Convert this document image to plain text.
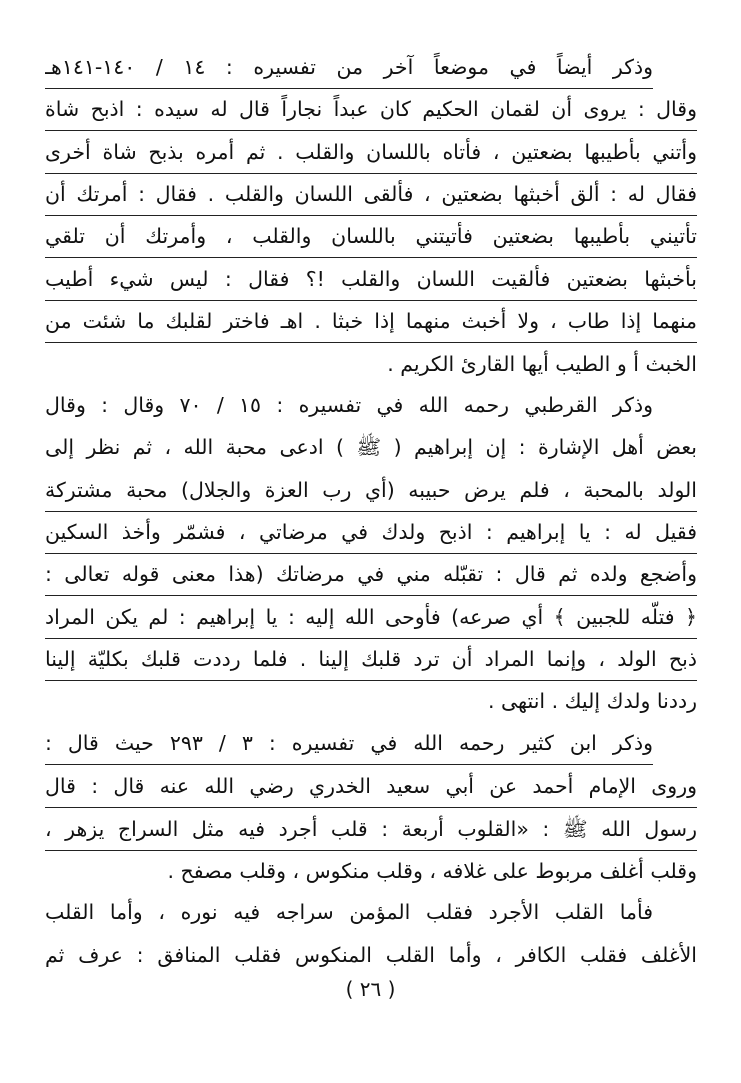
وذكر أيضاً في موضعاً آخر من تفسيره : ١٤ / ١٤٠-١٤١هـ
وقال : يروى أن لقمان الحكيم كان عبداً نجاراً قال له سيده : اذبح شاة
وأتني بأطيبها بضعتين ، فأتاه باللسان والقلب . ثم أمره بذبح شاة أخرى
فقال له : ألق أخبثها بضعتين ، فألقى اللسان والقلب . فقال : أمرتك أن
تأتيني بأطيبها بضعتين فأتيتني باللسان والقلب ، وأمرتك أن تلقي
بأخبثها بضعتين فألقيت اللسان والقلب !؟ فقال : ليس شيء أطيب
منهما إذا طاب ، ولا أخبث منهما إذا خبثا . اهـ فاختر لقلبك ما شئت من
الخبث أ و الطيب أيها القارئ الكريم .
وذكر القرطبي رحمه الله في تفسيره : ١٥ / ٧٠ وقال : وقال
بعض أهل الإشارة : إن إبراهيم ( ﷺ ) ادعى محبة الله ، ثم نظر إلى
الولد بالمحبة ، فلم يرض حبيبه (أي رب العزة والجلال) محبة مشتركة
فقيل له : يا إبراهيم : اذبح ولدك في مرضاتي ، فشمّر وأخذ السكين
وأضجع ولده ثم قال : تقبّله مني في مرضاتك (هذا معنى قوله تعالى :
﴿ فتلّه للجبين ﴾ أي صرعه) فأوحى الله إليه : يا إبراهيم : لم يكن المراد
ذبح الولد ، وإنما المراد أن ترد قلبك إلينا . فلما رددت قلبك بكليّة إلينا
رددنا ولدك إليك . انتهى .
وذكر ابن كثير رحمه الله في تفسيره : ٣ / ٢٩٣ حيث قال :
وروى الإمام أحمد عن أبي سعيد الخدري رضي الله عنه قال : قال
رسول الله ﷺ : «القلوب أربعة : قلب أجرد فيه مثل السراج يزهر ،
وقلب أغلف مربوط على غلافه ، وقلب منكوس ، وقلب مصفح .
فأما القلب الأجرد فقلب المؤمن سراجه فيه نوره ، وأما القلب
الأغلف فقلب الكافر ، وأما القلب المنكوس فقلب المنافق : عرف ثم
( ٢٦ )
